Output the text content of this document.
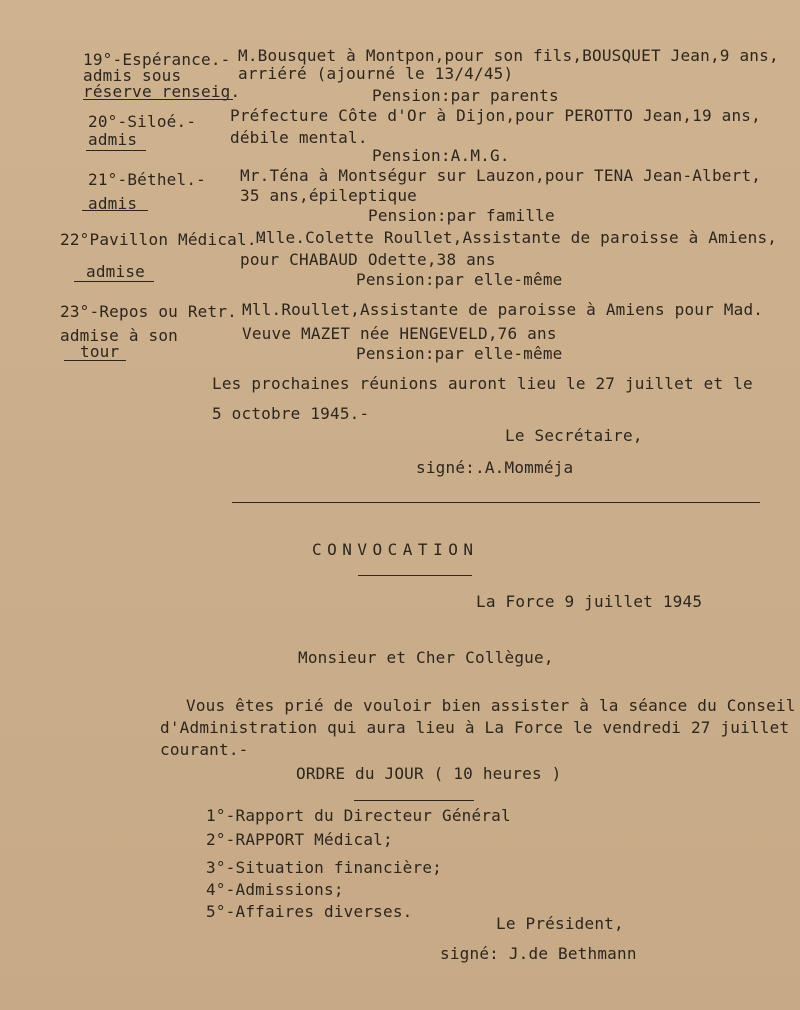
19°-Espérance.-
admis sous
réserve renseig.
M.Bousquet à Montpon,pour son fils,BOUSQUET Jean,9 ans,
arriéré (ajourné le 13/4/45)
Pension:par parents
20°-Siloé.-
admis
Préfecture Côte d'Or à Dijon,pour PEROTTO Jean,19 ans,
débile mental.
Pension:A.M.G.
21°-Béthel.-
admis
Mr.Téna à Montségur sur Lauzon,pour TENA Jean-Albert,
35 ans,épileptique
Pension:par famille
22°Pavillon Médical.-
admise
Mlle.Colette Roullet,Assistante de paroisse à Amiens,
pour CHABAUD Odette,38 ans
Pension:par elle-même
23°-Repos ou Retr.
admise à son
tour
Mll.Roullet,Assistante de paroisse à Amiens pour Mad.
Veuve MAZET née HENGEVELD,76 ans
Pension:par elle-même
Les prochaines réunions auront lieu le 27 juillet et le
5 octobre 1945.-
Le Secrétaire,
signé:.A.Momméja
CONVOCATION
La Force 9 juillet 1945
Monsieur et Cher Collègue,
Vous êtes prié de vouloir bien assister à la séance du Conseil
d'Administration qui aura lieu à La Force le vendredi 27 juillet
courant.-
ORDRE du JOUR ( 10 heures )
1°-Rapport du Directeur Général
2°-RAPPORT Médical;
3°-Situation financière;
4°-Admissions;
5°-Affaires diverses.
Le Président,
signé: J.de Bethmann
